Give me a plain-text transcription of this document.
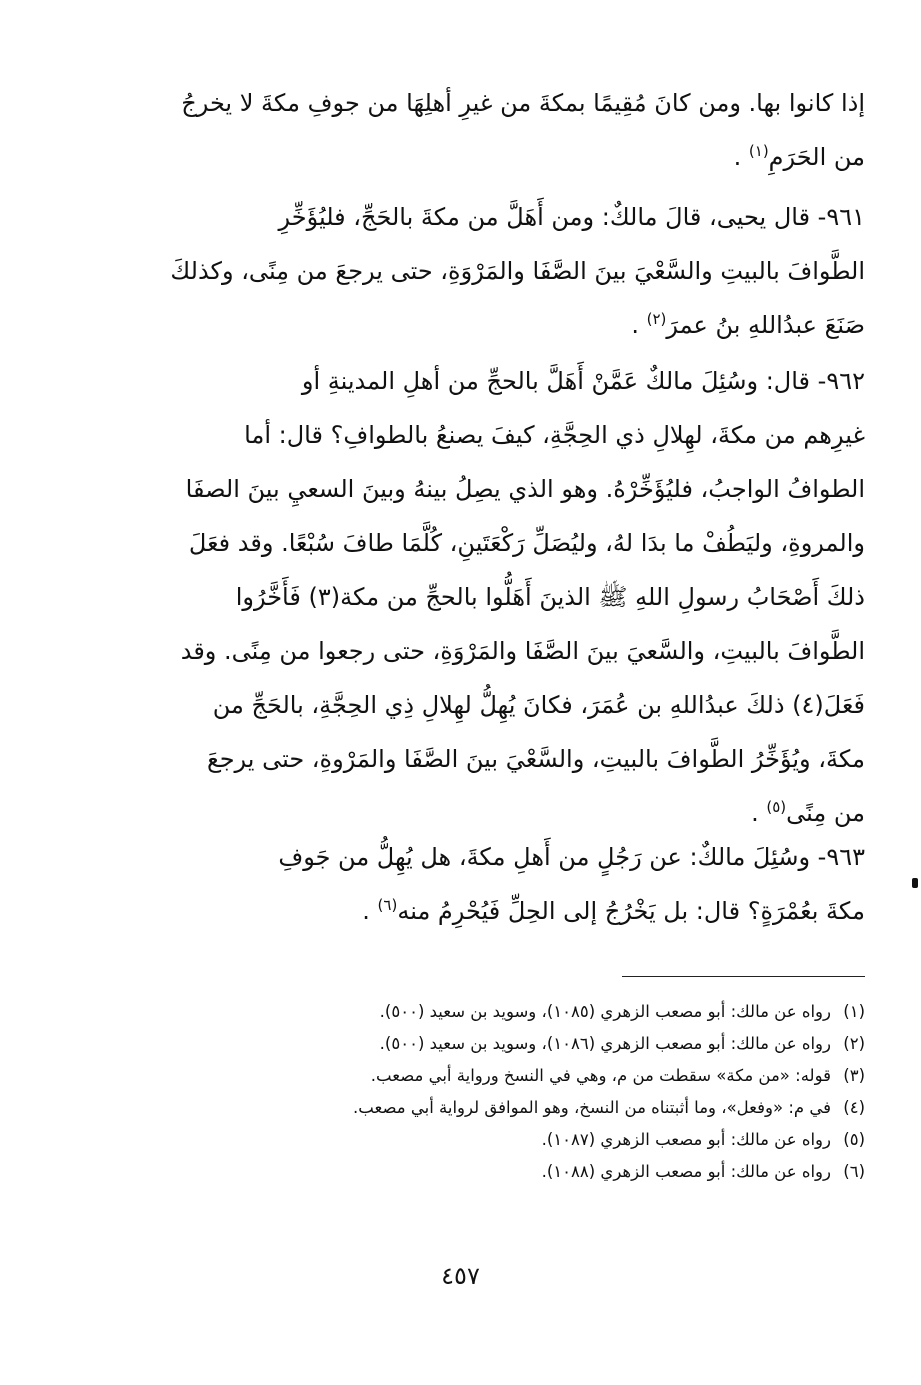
إذا كانوا بها. ومن كانَ مُقِيمًا بمكةَ من غيرِ أهلِهَا من جوفِ مكةَ لا يخرجُ
من الحَرَمِ$^{(١)}$ .

٩٦١- قال يحيى، قالَ مالكٌ: ومن أَهَلَّ من مكةَ بالحَجِّ، فليُؤَخِّرِ
الطَّوافَ بالبيتِ والسَّعْيَ بينَ الصَّفَا والمَرْوَةِ، حتى يرجعَ من مِنًى، وكذلكَ
صَنَعَ عبدُاللهِ بنُ عمرَ$^{(٢)}$ .

٩٦٢- قال: وسُئِلَ مالكٌ عَمَّنْ أَهَلَّ بالحجِّ من أهلِ المدينةِ أو
غيرِهم من مكةَ، لهِلالِ ذي الحِجَّةِ، كيفَ يصنعُ بالطوافِ؟ قال: أما
الطوافُ الواجبُ، فليُؤَخِّرْهُ. وهو الذي يصِلُ بينهُ وبينَ السعيِ بينَ الصفَا
والمروةِ، وليَطُفْ ما بدَا لهُ، وليُصَلِّ رَكْعَتَينِ، كُلَّمَا طافَ سُبْعًا. وقد فعَلَ
ذلكَ أَصْحَابُ رسولِ اللهِ ﷺ الذينَ أَهَلُّوا بالحجِّ من مكة(٣) فَأَخَّرُوا
الطَّوافَ بالبيتِ، والسَّعيَ بينَ الصَّفَا والمَرْوَةِ، حتى رجعوا من مِنًى. وقد
فَعَلَ(٤) ذلكَ عبدُاللهِ بن عُمَرَ، فكانَ يُهِلُّ لهِلالِ ذِي الحِجَّةِ، بالحَجِّ من
مكةَ، ويُؤَخِّرُ الطَّوافَ بالبيتِ، والسَّعْيَ بينَ الصَّفَا والمَرْوةِ، حتى يرجعَ
من مِنًى$^{(٥)}$ .

٩٦٣- وسُئِلَ مالكٌ: عن رَجُلٍ من أَهلِ مكةَ، هل يُهِلُّ من جَوفِ
مكةَ بعُمْرَةٍ؟ قال: بل يَخْرُجُ إلى الحِلِّ فَيُحْرِمُ منه$^{(٦)}$ .

(١)
رواه عن مالك: أبو مصعب الزهري (١٠٨٥)، وسويد بن سعيد (٥٠٠).
(٢)
رواه عن مالك: أبو مصعب الزهري (١٠٨٦)، وسويد بن سعيد (٥٠٠).
(٣)
قوله: «من مكة» سقطت من م، وهي في النسخ ورواية أبي مصعب.
(٤)
في م: «وفعل»، وما أثبتناه من النسخ، وهو الموافق لرواية أبي مصعب.
(٥)
رواه عن مالك: أبو مصعب الزهري (١٠٨٧).
(٦)
رواه عن مالك: أبو مصعب الزهري (١٠٨٨).
٤٥٧
